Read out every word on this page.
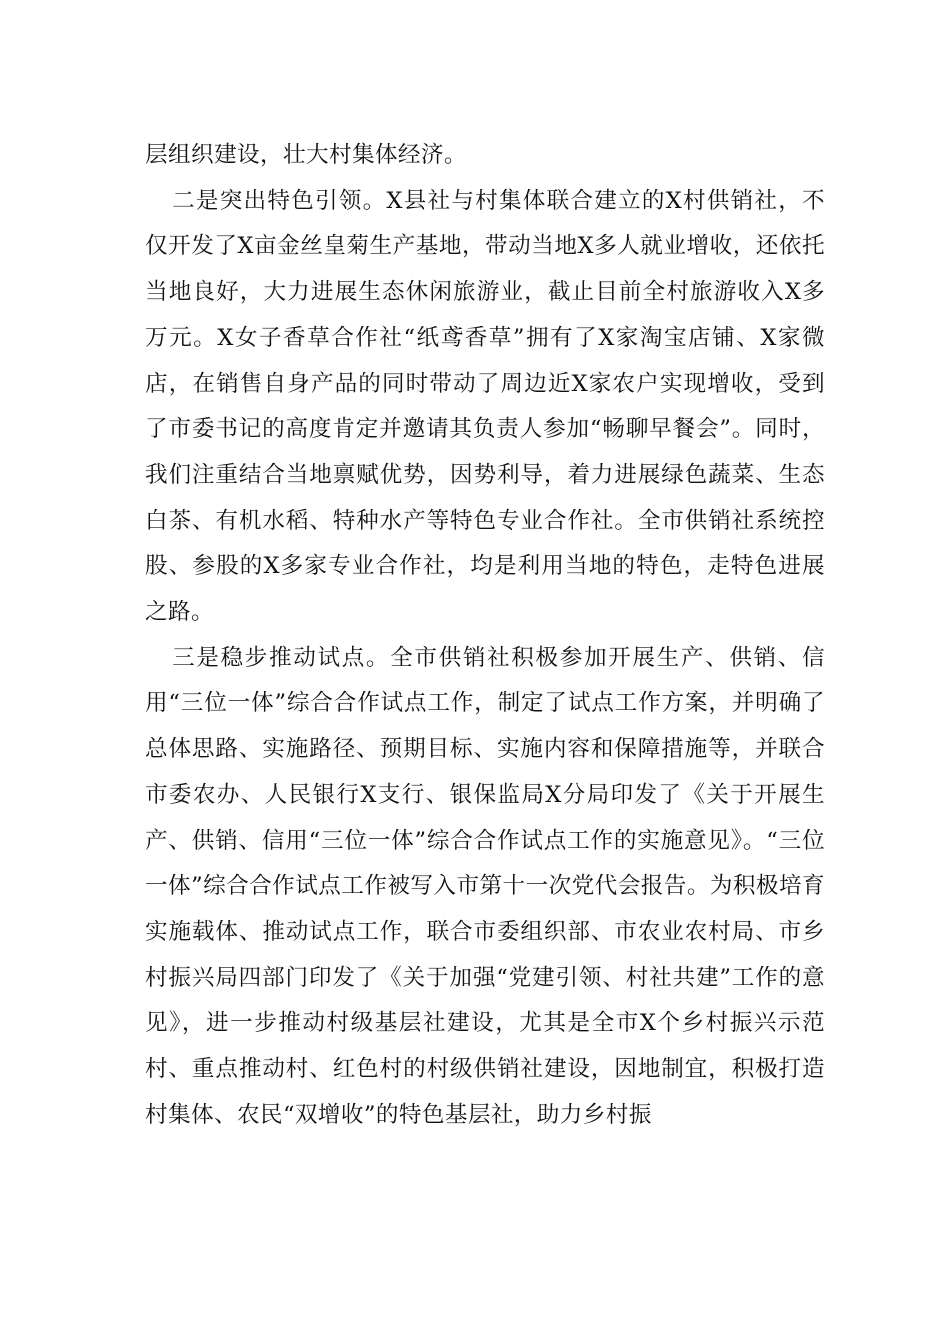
层组织建设，壮大村集体经济。

二是突出特色引领。X县社与村集体联合建立的X村供销社，不仅开发了X亩金丝皇菊生产基地，带动当地X多人就业增收，还依托当地良好，大力进展生态休闲旅游业，截止目前全村旅游收入X多万元。X女子香草合作社“纸鸢香草”拥有了X家淘宝店铺、X家微店，在销售自身产品的同时带动了周边近X家农户实现增收，受到了市委书记的高度肯定并邀请其负责人参加“畅聊早餐会”。同时，我们注重结合当地禀赋优势，因势利导，着力进展绿色蔬菜、生态白茶、有机水稻、特种水产等特色专业合作社。全市供销社系统控股、参股的X多家专业合作社，均是利用当地的特色，走特色进展之路。

三是稳步推动试点。全市供销社积极参加开展生产、供销、信用“三位一体”综合合作试点工作，制定了试点工作方案，并明确了总体思路、实施路径、预期目标、实施内容和保障措施等，并联合市委农办、人民银行X支行、银保监局X分局印发了《关于开展生产、供销、信用“三位一体”综合合作试点工作的实施意见》。“三位一体”综合合作试点工作被写入市第十一次党代会报告。为积极培育实施载体、推动试点工作，联合市委组织部、市农业农村局、市乡村振兴局四部门印发了《关于加强“党建引领、村社共建”工作的意见》，进一步推动村级基层社建设，尤其是全市X个乡村振兴示范村、重点推动村、红色村的村级供销社建设，因地制宜，积极打造村集体、农民“双增收”的特色基层社，助力乡村振
